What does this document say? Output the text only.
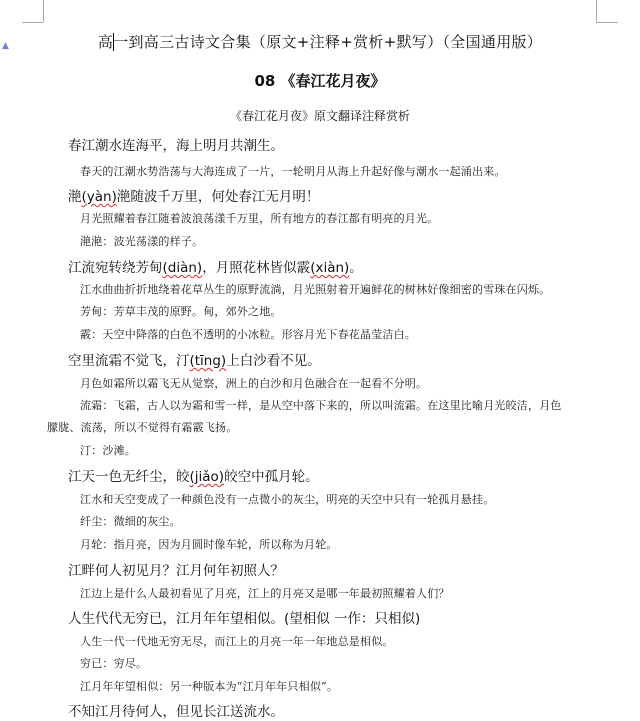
▲	高一到高三古诗文合集（原文+注释+赏析+默写）（全国通用版）
08 《春江花月夜》
《春江花月夜》原文翻译注释赏析
春江潮水连海平，海上明月共潮生。
春天的江潮水势浩荡与大海连成了一片，一轮明月从海上升起好像与潮水一起涌出来。
滟(yàn)滟随波千万里，何处春江无月明！
月光照耀着春江随着波浪荡漾千万里，所有地方的春江都有明亮的月光。
滟滟：波光荡漾的样子。
江流宛转绕芳甸(diàn)，月照花林皆似霰(xiàn)。
江水曲曲折折地绕着花草丛生的原野流淌，月光照射着开遍鲜花的树林好像细密的雪珠在闪烁。
芳甸：芳草丰茂的原野。甸，郊外之地。
霰：天空中降落的白色不透明的小冰粒。形容月光下春花晶莹洁白。
空里流霜不觉飞，汀(tīng)上白沙看不见。
月色如霜所以霜飞无从觉察，洲上的白沙和月色融合在一起看不分明。
流霜：飞霜，古人以为霜和雪一样，是从空中落下来的，所以叫流霜。在这里比喻月光皎洁，月色
朦胧、流荡，所以不觉得有霜霰飞扬。
汀：沙滩。
江天一色无纤尘，皎(jiǎo)皎空中孤月轮。
江水和天空变成了一种颜色没有一点微小的灰尘，明亮的天空中只有一轮孤月悬挂。
纤尘：微细的灰尘。
月轮：指月亮，因为月圆时像车轮，所以称为月轮。
江畔何人初见月？江月何年初照人？
江边上是什么人最初看见了月亮，江上的月亮又是哪一年最初照耀着人们？
人生代代无穷已，江月年年望相似。(望相似 一作：只相似)
人生一代一代地无穷无尽，而江上的月亮一年一年地总是相似。
穷已：穷尽。
江月年年望相似：另一种版本为“江月年年只相似”。
不知江月待何人，但见长江送流水。
